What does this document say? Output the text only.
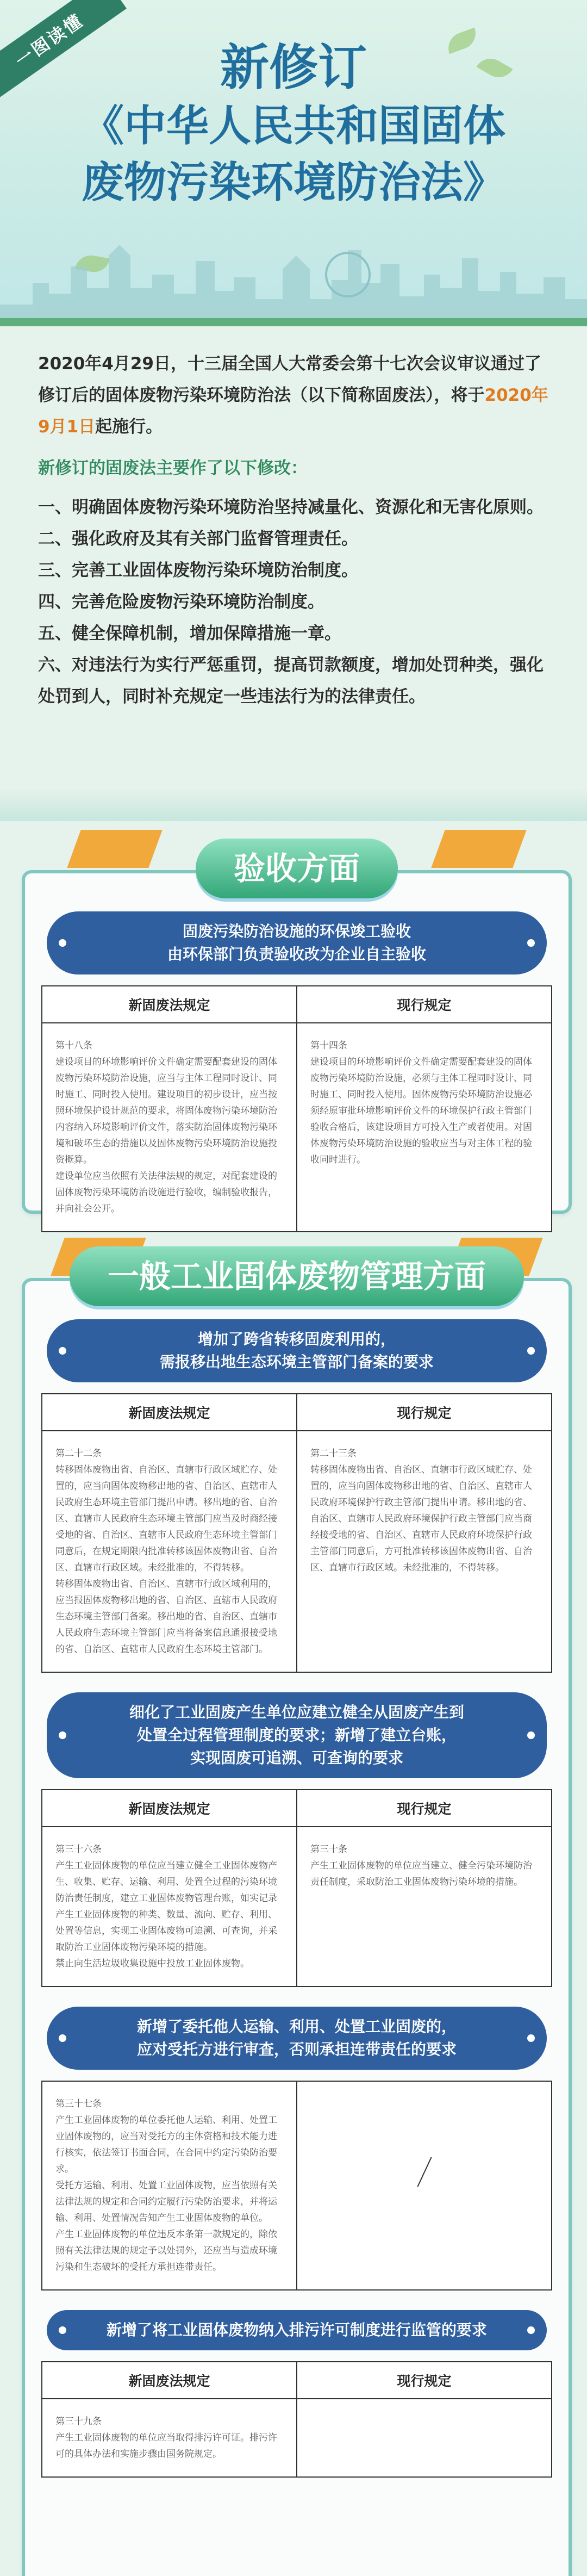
一图读懂	新修订
《中华人民共和国固体
废物污染环境防治法》
2020年4月29日，十三届全国人大常委会第十七次会议审议通过了修订后的固体废物污染环境防治法（以下简称固废法），将于2020年9月1日起施行。
新修订的固废法主要作了以下修改：
一、明确固体废物污染环境防治坚持减量化、资源化和无害化原则。
二、强化政府及其有关部门监督管理责任。
三、完善工业固体废物污染环境防治制度。
四、完善危险废物污染环境防治制度。
五、健全保障机制，增加保障措施一章。
六、对违法行为实行严惩重罚，提高罚款额度，增加处罚种类，强化处罚到人，同时补充规定一些违法行为的法律责任。
验收方面
固废污染防治设施的环保竣工验收
由环保部门负责验收改为企业自主验收
新固废法规定	现行规定
第十八条
建设项目的环境影响评价文件确定需要配套建设的固体废物污染环境防治设施，应当与主体工程同时设计、同时施工、同时投入使用。建设项目的初步设计，应当按照环境保护设计规范的要求，将固体废物污染环境防治内容纳入环境影响评价文件，落实防治固体废物污染环境和破坏生态的措施以及固体废物污染环境防治设施投资概算。
建设单位应当依照有关法律法规的规定，对配套建设的固体废物污染环境防治设施进行验收，编制验收报告，并向社会公开。	第十四条
建设项目的环境影响评价文件确定需要配套建设的固体废物污染环境防治设施，必须与主体工程同时设计、同时施工、同时投入使用。固体废物污染环境防治设施必须经原审批环境影响评价文件的环境保护行政主管部门验收合格后，该建设项目方可投入生产或者使用。对固体废物污染环境防治设施的验收应当与对主体工程的验收同时进行。
一般工业固体废物管理方面
增加了跨省转移固废利用的，
需报移出地生态环境主管部门备案的要求
新固废法规定	现行规定
第二十二条
转移固体废物出省、自治区、直辖市行政区域贮存、处置的，应当向固体废物移出地的省、自治区、直辖市人民政府生态环境主管部门提出申请。移出地的省、自治区、直辖市人民政府生态环境主管部门应当及时商经接受地的省、自治区、直辖市人民政府生态环境主管部门同意后，在规定期限内批准转移该固体废物出省、自治区、直辖市行政区域。未经批准的，不得转移。
转移固体废物出省、自治区、直辖市行政区域利用的，应当报固体废物移出地的省、自治区、直辖市人民政府生态环境主管部门备案。移出地的省、自治区、直辖市人民政府生态环境主管部门应当将备案信息通报接受地的省、自治区、直辖市人民政府生态环境主管部门。	第二十三条
转移固体废物出省、自治区、直辖市行政区域贮存、处置的，应当向固体废物移出地的省、自治区、直辖市人民政府环境保护行政主管部门提出申请。移出地的省、自治区、直辖市人民政府环境保护行政主管部门应当商经接受地的省、自治区、直辖市人民政府环境保护行政主管部门同意后，方可批准转移该固体废物出省、自治区、直辖市行政区域。未经批准的，不得转移。
细化了工业固废产生单位应建立健全从固废产生到
处置全过程管理制度的要求；新增了建立台账，
实现固废可追溯、可查询的要求
新固废法规定	现行规定
第三十六条
产生工业固体废物的单位应当建立健全工业固体废物产生、收集、贮存、运输、利用、处置全过程的污染环境防治责任制度，建立工业固体废物管理台账，如实记录产生工业固体废物的种类、数量、流向、贮存、利用、处置等信息，实现工业固体废物可追溯、可查询，并采取防治工业固体废物污染环境的措施。
禁止向生活垃圾收集设施中投放工业固体废物。	第三十条
产生工业固体废物的单位应当建立、健全污染环境防治责任制度，采取防治工业固体废物污染环境的措施。
新增了委托他人运输、利用、处置工业固废的，
应对受托方进行审查，否则承担连带责任的要求
第三十七条
产生工业固体废物的单位委托他人运输、利用、处置工业固体废物的，应当对受托方的主体资格和技术能力进行核实，依法签订书面合同，在合同中约定污染防治要求。
受托方运输、利用、处置工业固体废物，应当依照有关法律法规的规定和合同约定履行污染防治要求，并将运输、利用、处置情况告知产生工业固体废物的单位。
产生工业固体废物的单位违反本条第一款规定的，除依照有关法律法规的规定予以处罚外，还应当与造成环境污染和生态破坏的受托方承担连带责任。	
新增了将工业固体废物纳入排污许可制度进行监管的要求
新固废法规定	现行规定
第三十九条
产生工业固体废物的单位应当取得排污许可证。排污许可的具体办法和实施步骤由国务院规定。	
